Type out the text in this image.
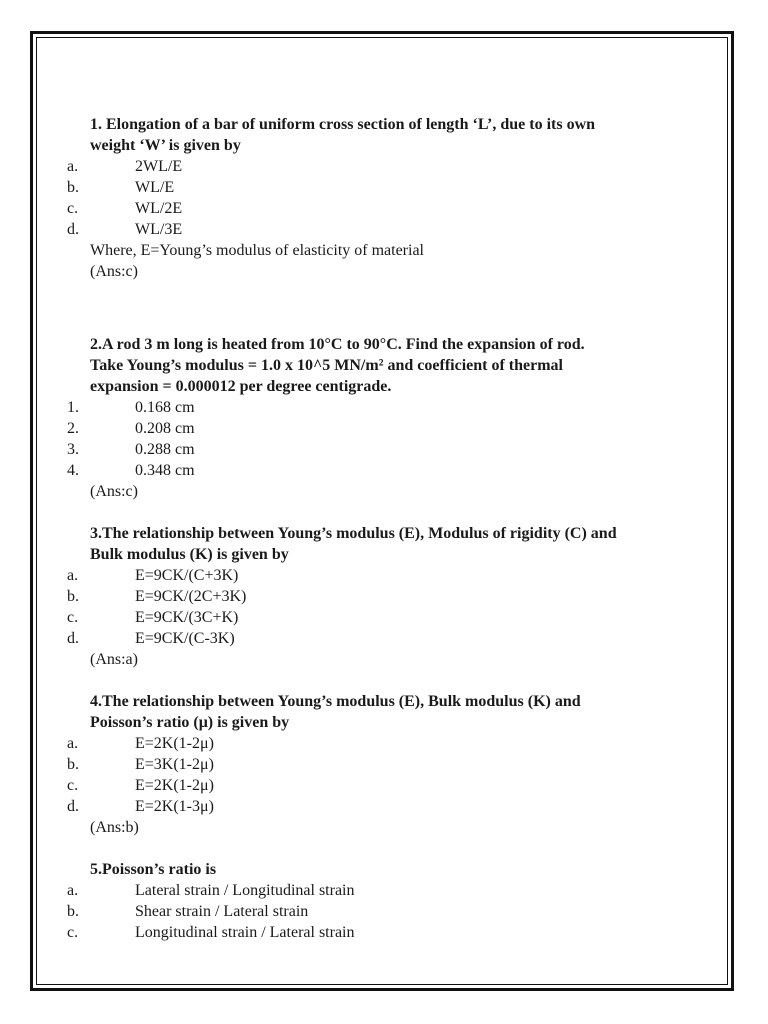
1. Elongation of a bar of uniform cross section of length ‘L’, due to its own
weight ‘W’ is given by
a.	2WL/E
b.	WL/E
c.	WL/2E
d.	WL/3E
Where, E=Young’s modulus of elasticity of material
(Ans:c)
2.A rod 3 m long is heated from 10°C to 90°C. Find the expansion of rod.
Take Young’s modulus = 1.0 x 10^5 MN/m² and coefficient of thermal
expansion = 0.000012 per degree centigrade.
1.	0.168 cm
2.	0.208 cm
3.	0.288 cm
4.	0.348 cm
(Ans:c)
3.The relationship between Young’s modulus (E), Modulus of rigidity (C) and
Bulk modulus (K) is given by
a.	E=9CK/(C+3K)
b.	E=9CK/(2C+3K)
c.	E=9CK/(3C+K)
d.	E=9CK/(C-3K)
(Ans:a)
4.The relationship between Young’s modulus (E), Bulk modulus (K) and
Poisson’s ratio (μ) is given by
a.	E=2K(1-2μ)
b.	E=3K(1-2μ)
c.	E=2K(1-2μ)
d.	E=2K(1-3μ)
(Ans:b)
5.Poisson’s ratio is
a.	Lateral strain / Longitudinal strain
b.	Shear strain / Lateral strain
c.	Longitudinal strain / Lateral strain
